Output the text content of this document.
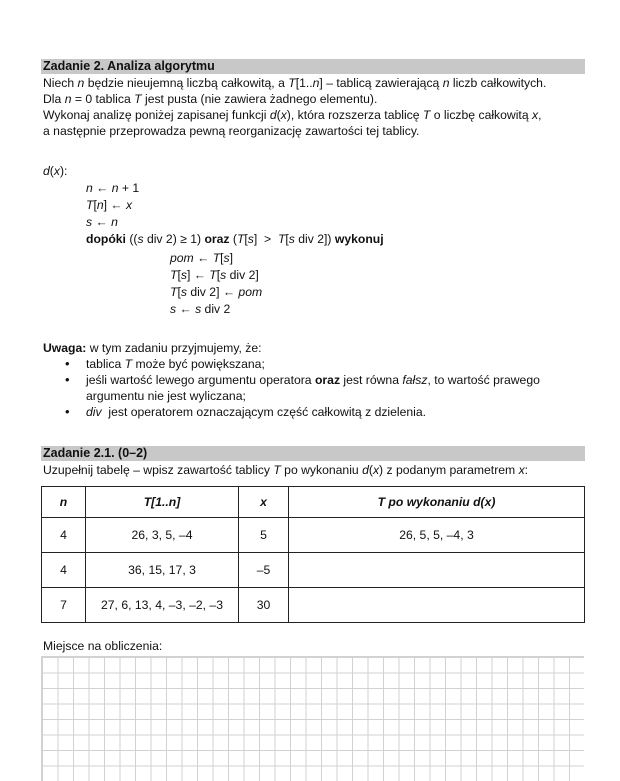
Zadanie 2. Analiza algorytmu
Niech n będzie nieujemną liczbą całkowitą, a T[1..n] – tablicą zawierającą n liczb całkowitych.
Dla n = 0 tablica T jest pusta (nie zawiera żadnego elementu).
Wykonaj analizę poniżej zapisanej funkcji d(x), która rozszerza tablicę T o liczbę całkowitą x,
a następnie przeprowadza pewną reorganizację zawartości tej tablicy.
d(x):
n ← n + 1
T[n] ← x
s ← n
dopóki ((s div 2) ≥ 1) oraz (T[s]  >  T[s div 2]) wykonuj
pom ← T[s]
T[s] ← T[s div 2]
T[s div 2] ← pom
s ← s div 2
Uwaga: w tym zadaniu przyjmujemy, że:
• tablica T może być powiększana;
• jeśli wartość lewego argumentu operatora oraz jest równa fałsz, to wartość prawego argumentu nie jest wyliczana;
• div  jest operatorem oznaczającym część całkowitą z dzielenia.
Zadanie 2.1. (0–2)
Uzupełnij tabelę – wpisz zawartość tablicy T po wykonaniu d(x) z podanym parametrem x:
n	T[1..n]	x	T po wykonaniu d(x)
4	26, 3, 5, –4	5	26, 5, 5, –4, 3
4	36, 15, 17, 3	–5	
7	27, 6, 13, 4, –3, –2, –3	30	
Miejsce na obliczenia:
